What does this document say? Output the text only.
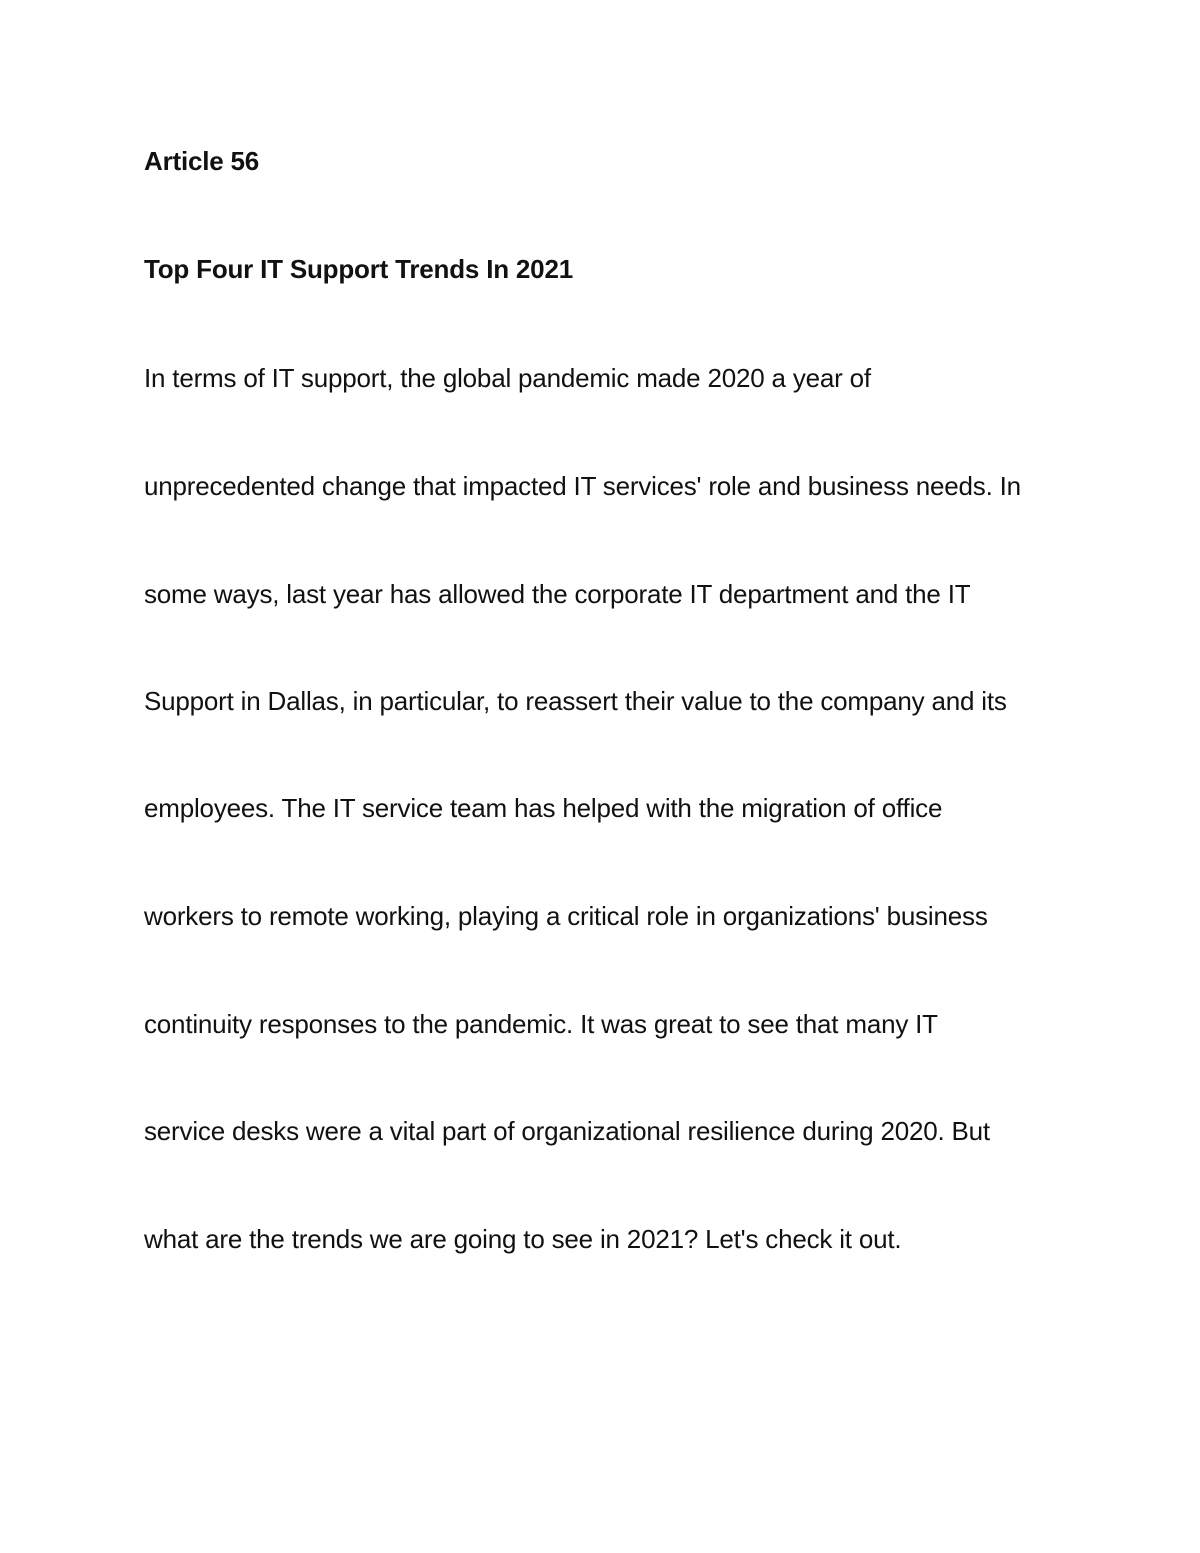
Article 56
Top Four IT Support Trends In 2021
In terms of IT support, the global pandemic made 2020 a year of
unprecedented change that impacted IT services' role and business needs. In
some ways, last year has allowed the corporate IT department and the IT
Support in Dallas, in particular, to reassert their value to the company and its
employees. The IT service team has helped with the migration of office
workers to remote working, playing a critical role in organizations' business
continuity responses to the pandemic. It was great to see that many IT
service desks were a vital part of organizational resilience during 2020. But
what are the trends we are going to see in 2021? Let's check it out.
